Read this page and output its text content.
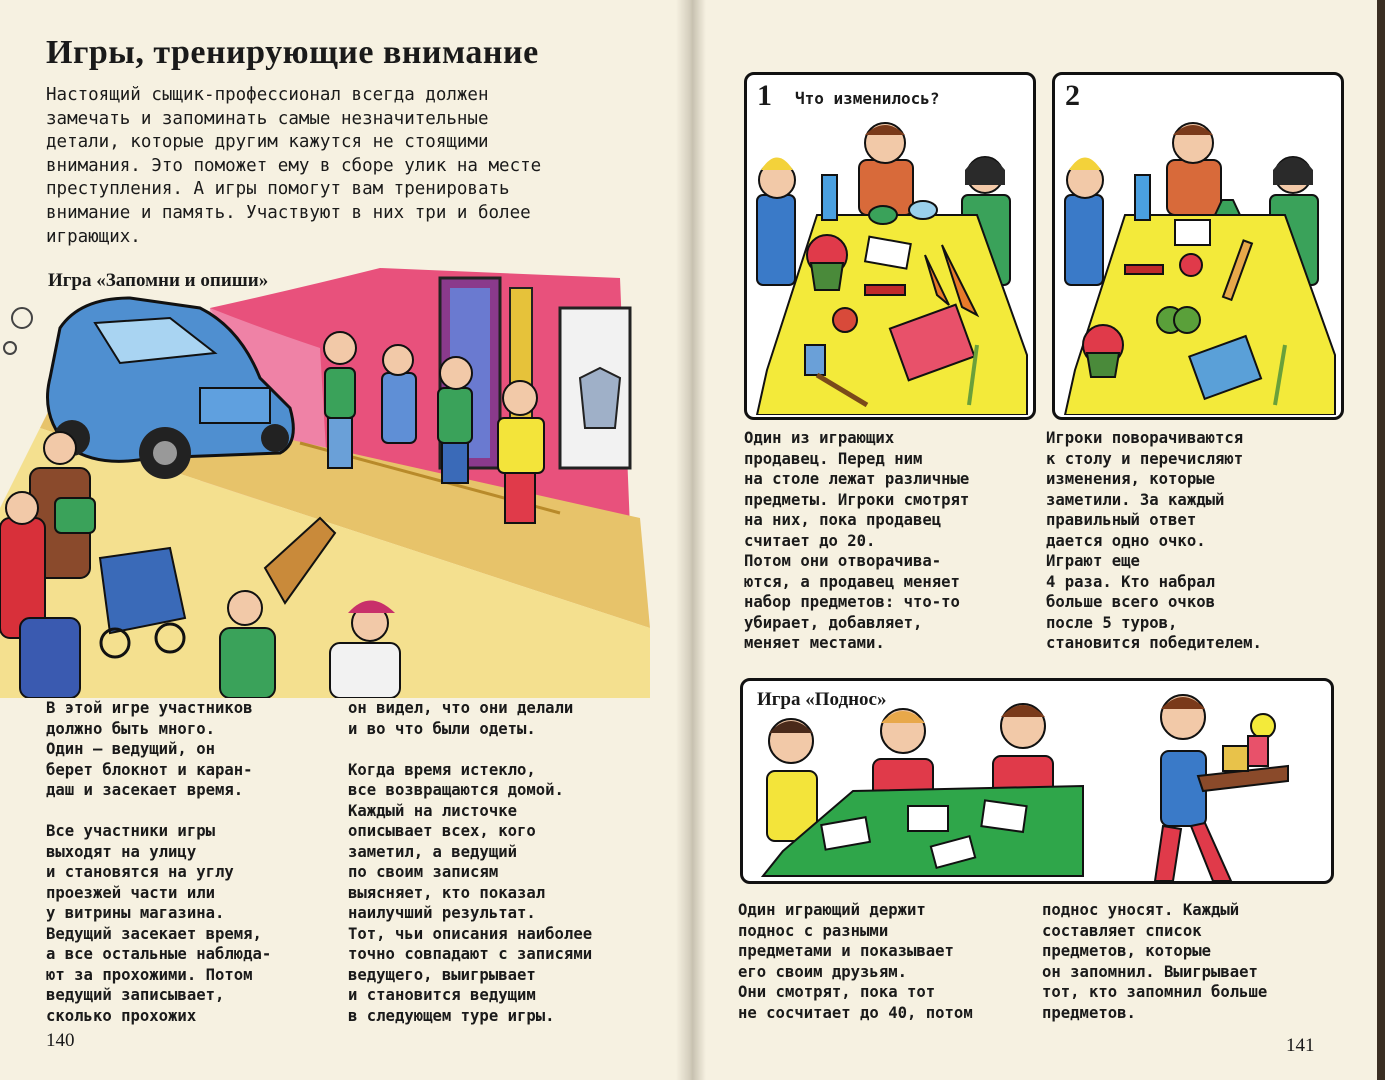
Игры, тренирующие внимание
Настоящий сыщик-профессионал всегда должен
замечать и запоминать самые незначительные
детали, которые другим кажутся не стоящими
внимания. Это поможет ему в сборе улик на месте
преступления. А игры помогут вам тренировать
внимание и память. Участвуют в них три и более
играющих.
Игра «Запомни и опиши»
В этой игре участников
должно быть много.
Один — ведущий, он
берет блокнот и каран-
даш и засекает время.

Все участники игры
выходят на улицу
и становятся на углу
проезжей части или
у витрины магазина.
Ведущий засекает время,
а все остальные наблюда-
ют за прохожими. Потом
ведущий записывает,
сколько прохожих
он видел, что они делали
и во что были одеты.

Когда время истекло,
все возвращаются домой.
Каждый на листочке
описывает всех, кого
заметил, а ведущий
по своим записям
выясняет, кто показал
наилучший результат.
Тот, чьи описания наиболее
точно совпадают с записями
ведущего, выигрывает
и становится ведущим
в следующем туре игры.
140
1 Что изменилось?	2
Один из играющих
продавец. Перед ним
на столе лежат различные
предметы. Игроки смотрят
на них, пока продавец
считает до 20.
Потом они отворачива-
ются, а продавец меняет
набор предметов: что-то
убирает, добавляет,
меняет местами.
Игроки поворачиваются
к столу и перечисляют
изменения, которые
заметили. За каждый
правильный ответ
дается одно очко.
Играют еще
4 раза. Кто набрал
больше всего очков
после 5 туров,
становится победителем.
Игра «Поднос»
Один играющий держит
поднос с разными
предметами и показывает
его своим друзьям.
Они смотрят, пока тот
не сосчитает до 40, потом
поднос уносят. Каждый
составляет список
предметов, которые
он запомнил. Выигрывает
тот, кто запомнил больше
предметов.
141
